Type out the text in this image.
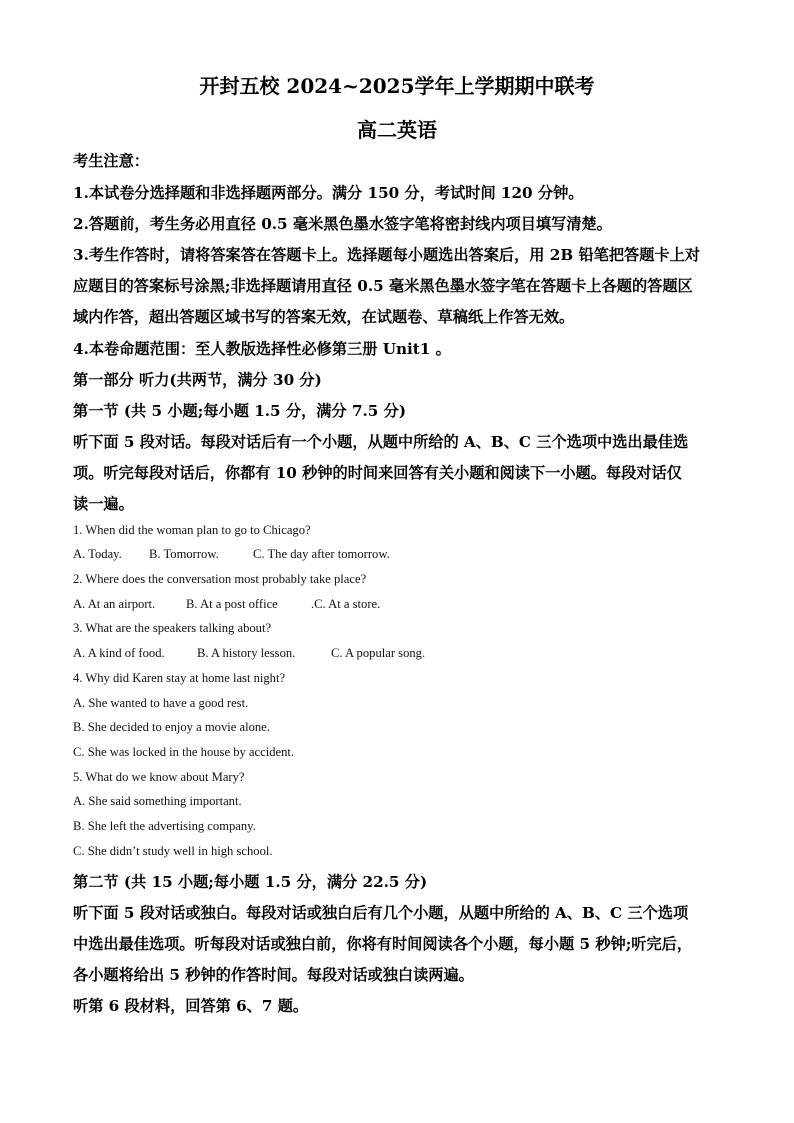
开封五校 2024~2025学年上学期期中联考
高二英语
考生注意：
1.本试卷分选择题和非选择题两部分。满分 150 分，考试时间 120 分钟。
2.答题前，考生务必用直径 0.5 毫米黑色墨水签字笔将密封线内项目填写清楚。
3.考生作答时，请将答案答在答题卡上。选择题每小题选出答案后，用 2B 铅笔把答题卡上对
应题目的答案标号涂黑;非选择题请用直径 0.5 毫米黑色墨水签字笔在答题卡上各题的答题区
域内作答，超出答题区域书写的答案无效，在试题卷、草稿纸上作答无效。
4.本卷命题范围：至人教版选择性必修第三册 Unit1 。
第一部分 听力(共两节，满分 30 分)
第一节 (共 5 小题;每小题 1.5 分，满分 7.5 分)
听下面 5 段对话。每段对话后有一个小题，从题中所给的 A、B、C 三个选项中选出最佳选
项。听完每段对话后，你都有 10 秒钟的时间来回答有关小题和阅读下一小题。每段对话仅
读一遍。
1. When did the woman plan to go to Chicago?
A. Today. B. Tomorrow.	C. The day after tomorrow.
2. Where does the conversation most probably take place?
A. At an airport. B. At a post office	.C. At a store.
3. What are the speakers talking about?
A. A kind of food.	B. A history lesson.	C. A popular song.
4. Why did Karen stay at home last night?
A. She wanted to have a good rest.
B. She decided to enjoy a movie alone.
C. She was locked in the house by accident.
5. What do we know about Mary?
A. She said something important.
B. She left the advertising company.
C. She didn’t study well in high school.
第二节 (共 15 小题;每小题 1.5 分，满分 22.5 分)
听下面 5 段对话或独白。每段对话或独白后有几个小题，从题中所给的 A、B、C 三个选项
中选出最佳选项。听每段对话或独白前，你将有时间阅读各个小题，每小题 5 秒钟;听完后，
各小题将给出 5 秒钟的作答时间。每段对话或独白读两遍。
听第 6 段材料，回答第 6、7 题。
